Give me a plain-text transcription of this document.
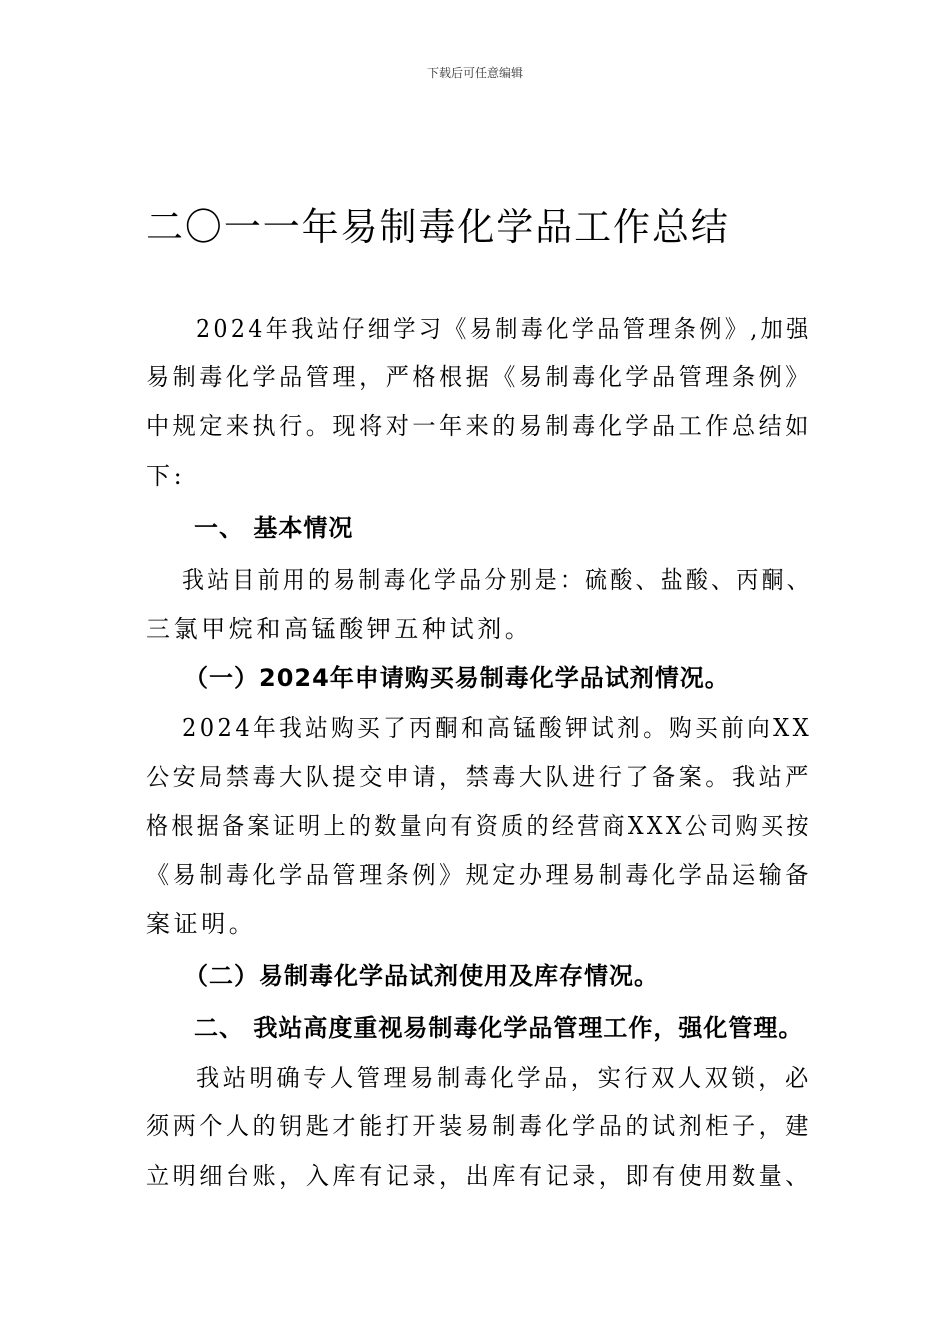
下载后可任意编辑
二〇一一年易制毒化学品工作总结
2024年我站仔细学习《易制毒化学品管理条例》,加强
易制毒化学品管理，严格根据《易制毒化学品管理条例》
中规定来执行。现将对一年来的易制毒化学品工作总结如
下:
一、 基本情况
我站目前用的易制毒化学品分别是：硫酸、盐酸、丙酮、
三氯甲烷和高锰酸钾五种试剂。
（一）2024年申请购买易制毒化学品试剂情况。
2024年我站购买了丙酮和高锰酸钾试剂。购买前向XX
公安局禁毒大队提交申请，禁毒大队进行了备案。我站严
格根据备案证明上的数量向有资质的经营商XXX公司购买按
《易制毒化学品管理条例》规定办理易制毒化学品运输备
案证明。
（二）易制毒化学品试剂使用及库存情况。
二、 我站高度重视易制毒化学品管理工作，强化管理。
我站明确专人管理易制毒化学品，实行双人双锁，必
须两个人的钥匙才能打开装易制毒化学品的试剂柜子，建
立明细台账，入库有记录，出库有记录，即有使用数量、
